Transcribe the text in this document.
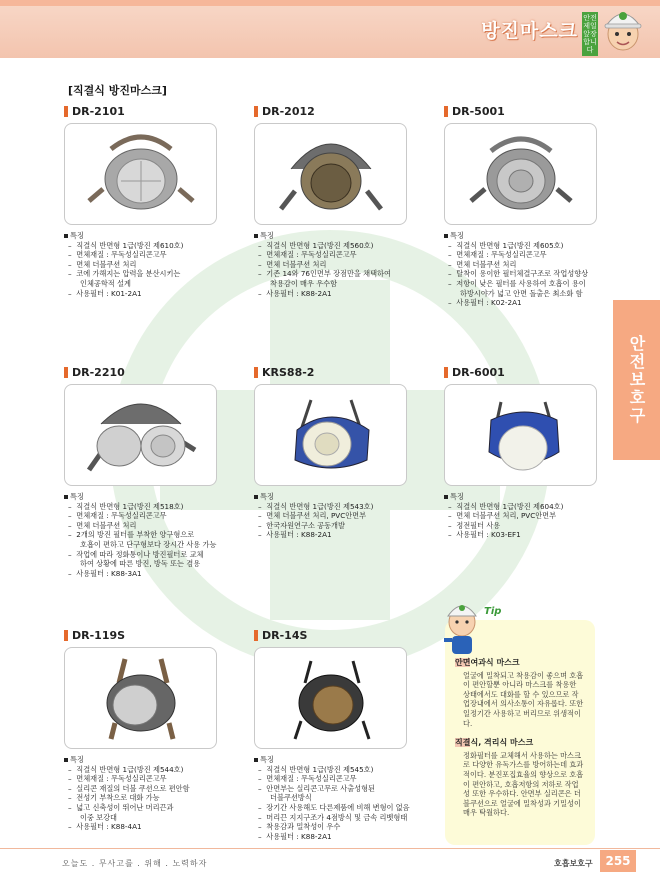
방진마스크
안전제일 앞장합니다
[직결식 방진마스크]
DR-2101
특징
– 직결식 반면형 1급(방진 제610호)
– 면체재질 : 무독성실리콘고무
– 면체 더블쿠션 처리
– 코에 가해지는 압력을 분산시키는
인체공학적 설계
– 사용필터 : K01-2A1
DR-2012
특징
– 직결식 반면형 1급(방진 제560호)
– 면체재질 : 무독성실리콘고무
– 면체 더블쿠션 처리
– 기존 14와 76인면부 장점만을 채택하여
착용감이 매우 우수함
– 사용필터 : K88-2A1
DR-5001
특징
– 직결식 반면형 1급(방진 제605호)
– 면체재질 : 무독성실리콘고무
– 면체 더블쿠션 처리
– 탈착이 용이한 필터체결구조로 작업성향상
– 저항이 낮은 필터를 사용하여 호흡이 용이
하방시야가 넓고 안면 돌출은 최소화 함
– 사용필터 : K02-2A1
DR-2210
특징
– 직결식 반면형 1급(방진 제518호)
– 면체재질 : 무독성실리콘고무
– 면체 더블쿠션 처리
– 2개의 방진 필터를 부착한 양구형으로
호흡이 편하고 단구형보다 장시간 사용 가능
– 작업에 따라 정화통이나 방진필터로 교체
하여 상황에 따른 방진, 방독 또는 겸용
– 사용필터 : K88-3A1
KRS88-2
특징
– 직결식 반면형 1급(방진 제543호)
– 면체 더블쿠션 처리, PVC안면부
– 한국자원연구소 공동개발
– 사용필터 : K88-2A1
DR-6001
특징
– 직결식 반면형 1급(방진 제604호)
– 면체 더블쿠션 처리, PVC안면부
– 정전필터 사용
– 사용필터 : K03-EF1
DR-119S
특징
– 직결식 반면형 1급(방진 제544호)
– 면체재질 : 무독성실리콘고무
– 실리콘 재질의 더블 쿠션으로 편안함
– 전성기 부착으로 대화 가능
– 넓고 신축성이 뛰어난 머리끈과
이중 보강대
– 사용필터 : K88-4A1
DR-14S
특징
– 직결식 반면형 1급(방진 제545호)
– 면체재질 : 무독성실리콘고무
– 안면부는 실리콘고무로 사출성형된
더블쿠션방식
– 장기간 사용해도 다른제품에 비해 변형이 없음
– 머리끈 지지구조가 4점방식 및 금속 리벳형태
– 착용감과 밀착성이 우수
– 사용필터 : K88-2A1
안전보호구
안면여과식 마스크
얼굴에 밀착되고 착용감이 좋으며 호흡이 편안할뿐 아니라 마스크를 착용한 상태에서도 대화를 할 수 있으므로 작업장내에서 의사소통이 자유롭다. 또한 일정기간 사용하고 버리므로 위생적이다.
직결식, 격리식 마스크
정화필터를 교체해서 사용하는 마스크로 다양한 유독가스를 방어하는데 효과적이다. 분진포집효율의 향상으로 호흡이 편안하고, 호흡저항의 저하로 작업성 또한 우수하다. 안면부 실리콘은 더블쿠션으로 얼굴에 밀착성과 기밀성이 매우 탁월하다.
Tip
오늘도 . 무사고를 . 위해 . 노력하자	호흡보호구	255
